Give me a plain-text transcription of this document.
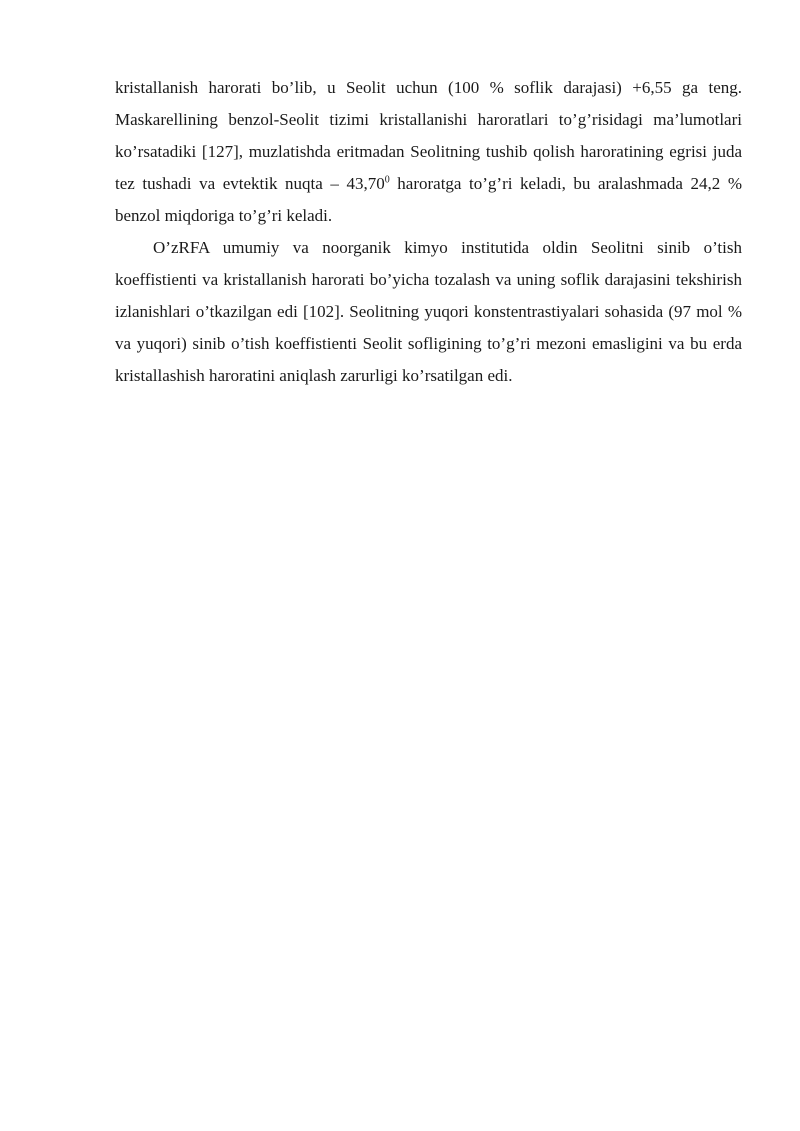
kristallanish harorati bo’lib, u Seolit uchun (100 % soflik darajasi) +6,55 ga teng. Maskarellining benzol-Seolit tizimi kristallanishi haroratlari to’g’risidagi ma’lumotlari ko’rsatadiki [127], muzlatishda eritmadan Seolitning tushib qolish haroratining egrisi juda tez tushadi va evtektik nuqta – 43,70$^0$ haroratga to’g’ri keladi, bu aralashmada 24,2 % benzol miqdoriga to’g’ri keladi.

O’zRFA umumiy va noorganik kimyo institutida oldin Seolitni sinib o’tish koeffistienti va kristallanish harorati bo’yicha tozalash va uning soflik darajasini tekshirish izlanishlari o’tkazilgan edi [102]. Seolitning yuqori konstentrastiyalari sohasida (97 mol % va yuqori) sinib o’tish koeffistienti Seolit sofligining to’g’ri mezoni emasligini va bu erda kristallashish haroratini aniqlash zarurligi ko’rsatilgan edi.
